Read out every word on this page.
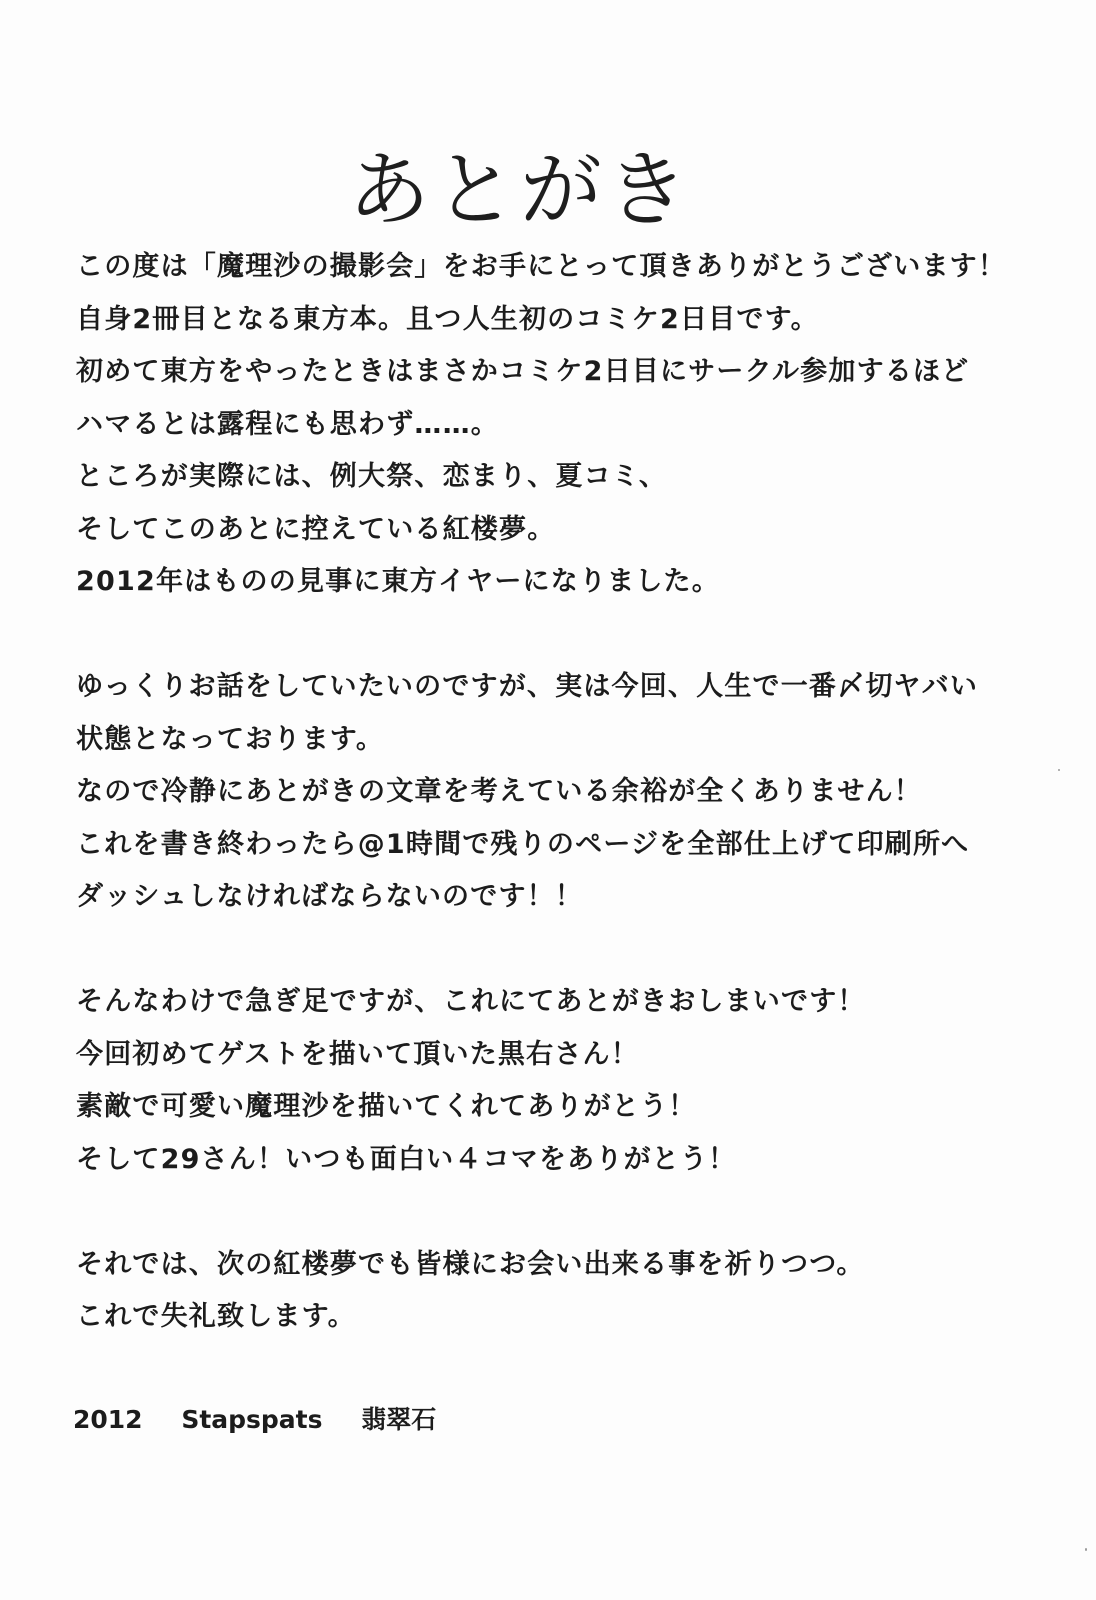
あとがき
この度は「魔理沙の撮影会」をお手にとって頂きありがとうございます！
自身2冊目となる東方本。且つ人生初のコミケ2日目です。
初めて東方をやったときはまさかコミケ2日目にサークル参加するほど
ハマるとは露程にも思わず……。
ところが実際には、例大祭、恋まり、夏コミ、
そしてこのあとに控えている紅楼夢。
2012年はものの見事に東方イヤーになりました。
ゆっくりお話をしていたいのですが、実は今回、人生で一番〆切ヤバい
状態となっております。
なので冷静にあとがきの文章を考えている余裕が全くありません！
これを書き終わったら@1時間で残りのページを全部仕上げて印刷所へ
ダッシュしなければならないのです！！
そんなわけで急ぎ足ですが、これにてあとがきおしまいです！
今回初めてゲストを描いて頂いた黒右さん！
素敵で可愛い魔理沙を描いてくれてありがとう！
そして29さん！いつも面白い４コマをありがとう！
それでは、次の紅楼夢でも皆様にお会い出来る事を祈りつつ。
これで失礼致します。
2012 Stapspats 翡翠石
